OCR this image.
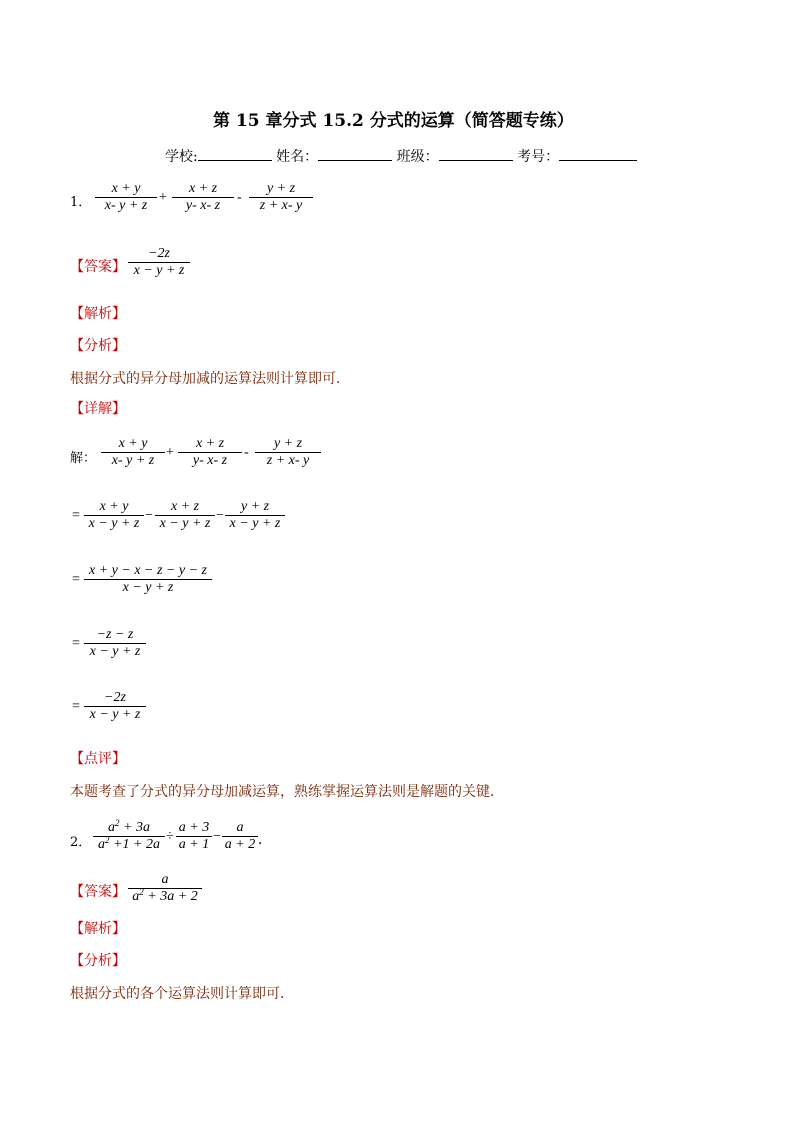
第 15 章分式 15.2 分式的运算（简答题专练）
学校:	姓名：	班级：	考号：
1． $\frac{x + y}{x- y + z} + \frac{x + z}{y- x- z} - \frac{y + z}{z + x- y}$
【答案】 $\frac{-2z}{x - y + z}$
【解析】
【分析】
根据分式的异分母加减的运算法则计算即可．
【详解】
解： $\frac{x + y}{x- y + z} + \frac{x + z}{y- x- z} - \frac{y + z}{z + x- y}$
= $\frac{x + y}{x - y + z} - \frac{x + z}{x - y + z} - \frac{y + z}{x - y + z}$
= $\frac{x + y - x - z - y - z}{x - y + z}$
= $\frac{-z - z}{x - y + z}$
= $\frac{-2z}{x - y + z}$
【点评】
本题考查了分式的异分母加减运算，熟练掌握运算法则是解题的关键．
2． $\frac{a^2 + 3a}{a^2 +1 + 2a} \div \frac{a + 3}{a + 1} - \frac{a}{a + 2}$ ．
【答案】 $\frac{a}{a^2 + 3a + 2}$
【解析】
【分析】
根据分式的各个运算法则计算即可．
